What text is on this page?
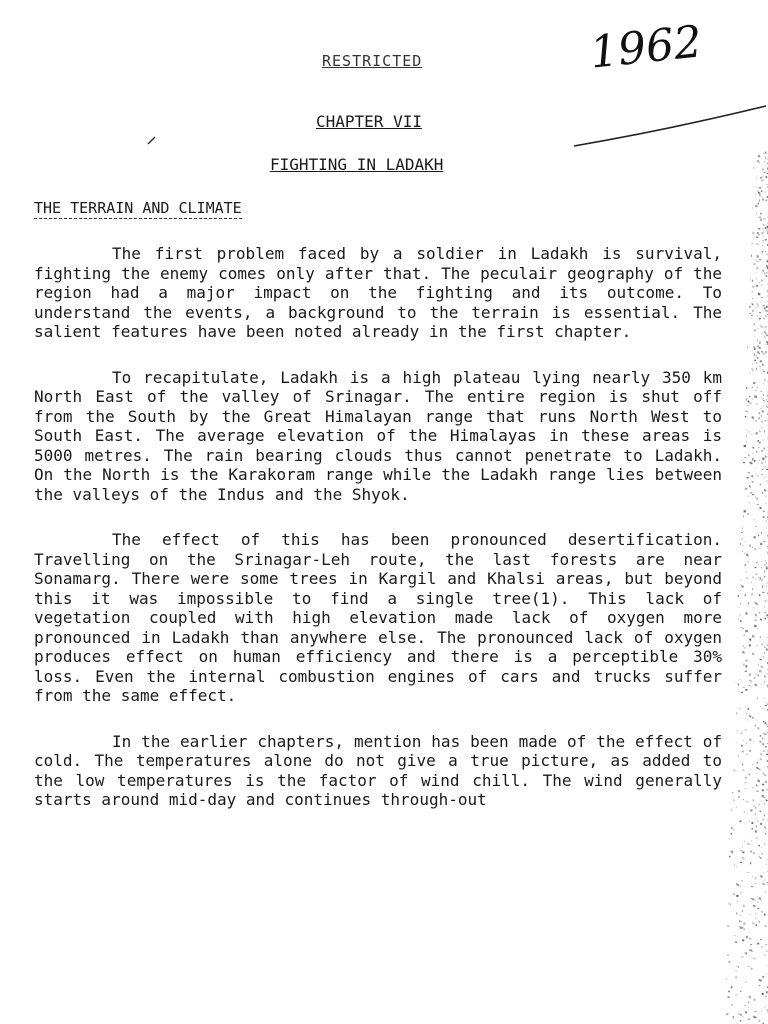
RESTRICTED	1962
CHAPTER VII
FIGHTING IN LADAKH
THE TERRAIN AND CLIMATE

The first problem faced by a soldier in Ladakh is survival, fighting the enemy comes only after that. The peculair geography of the region had a major impact on the fighting and its outcome. To understand the events, a background to the terrain is essential. The salient features have been noted already in the first chapter.

To recapitulate, Ladakh is a high plateau lying nearly 350 km North East of the valley of Srinagar. The entire region is shut off from the South by the Great Himalayan range that runs North West to South East. The average elevation of the Himalayas in these areas is 5000 metres. The rain bearing clouds thus cannot penetrate to Ladakh. On the North is the Karakoram range while the Ladakh range lies between the valleys of the Indus and the Shyok.

The effect of this has been pronounced desertification. Travelling on the Srinagar-Leh route, the last forests are near Sonamarg. There were some trees in Kargil and Khalsi areas, but beyond this it was impossible to find a single tree(1). This lack of vegetation coupled with high elevation made lack of oxygen more pronounced in Ladakh than anywhere else. The pronounced lack of oxygen produces effect on human efficiency and there is a perceptible 30% loss. Even the internal combustion engines of cars and trucks suffer from the same effect.

In the earlier chapters, mention has been made of the effect of cold. The temperatures alone do not give a true picture, as added to the low temperatures is the factor of wind chill. The wind generally starts around mid-day and continues through-out
